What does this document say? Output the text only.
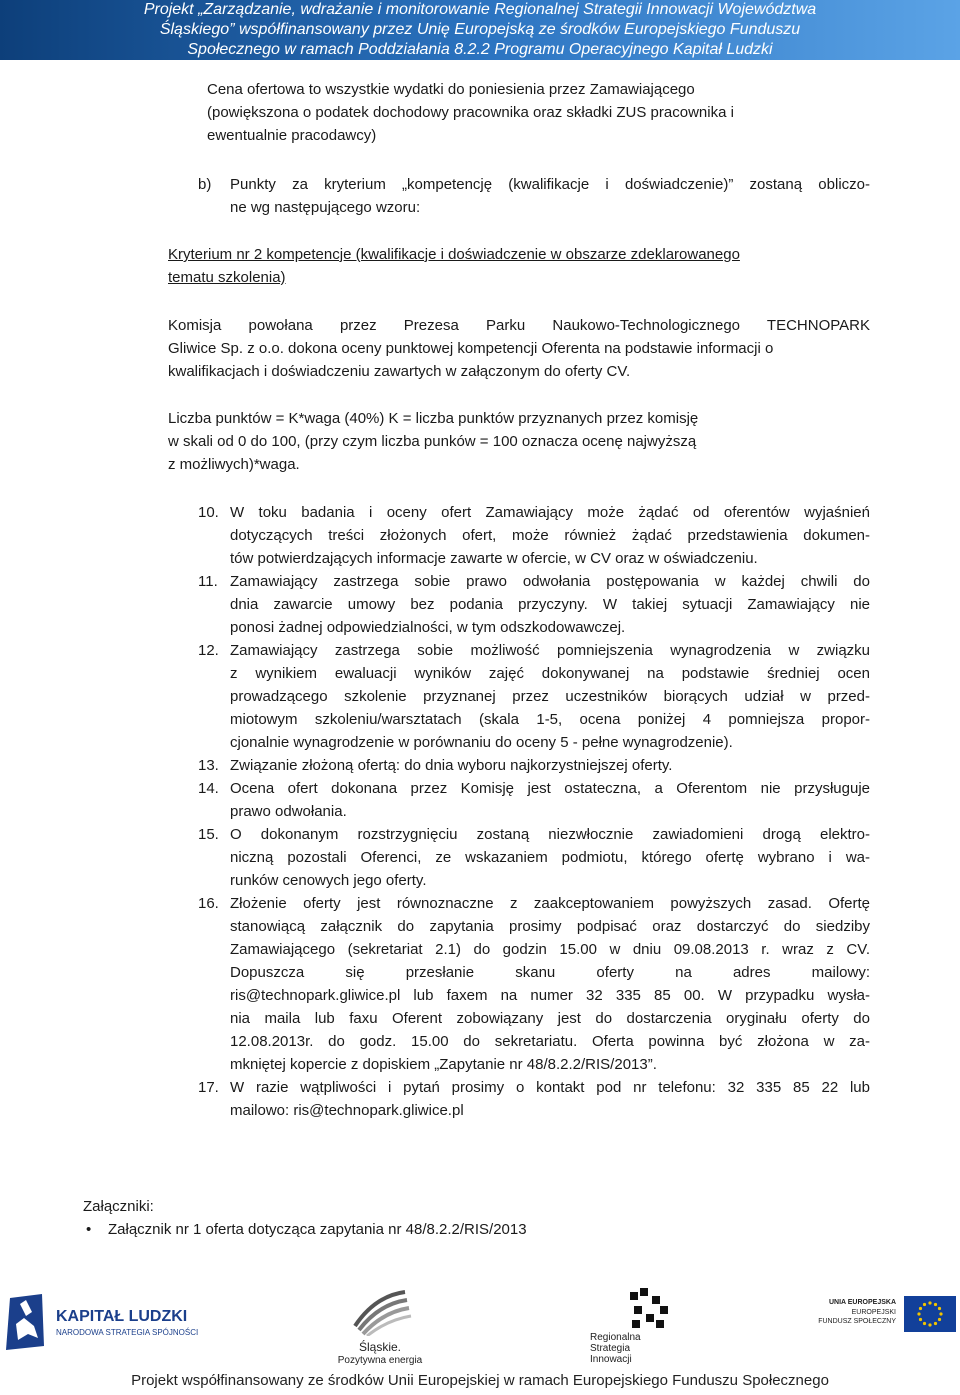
Projekt „Zarządzanie, wdrażanie i monitorowanie Regionalnej Strategii Innowacji Województwa
Śląskiego” współfinansowany przez Unię Europejską ze środków Europejskiego Funduszu
Społecznego w ramach Poddziałania 8.2.2 Programu Operacyjnego Kapitał Ludzki
Cena ofertowa to wszystkie wydatki do poniesienia przez Zamawiającego
(powiększona o podatek dochodowy pracownika oraz składki ZUS pracownika i
ewentualnie pracodawcy)
b) Punkty za kryterium „kompetencję (kwalifikacje i doświadczenie)” zostaną obliczo-
ne wg następującego wzoru:
Kryterium nr 2 kompetencje (kwalifikacje i doświadczenie w obszarze zdeklarowanego
tematu szkolenia)
Komisja powołana przez Prezesa Parku Naukowo-Technologicznego TECHNOPARK
Gliwice Sp. z o.o. dokona oceny punktowej kompetencji Oferenta na podstawie informacji o
kwalifikacjach i doświadczeniu zawartych w załączonym do oferty CV.
Liczba punktów = K*waga (40%) K = liczba punktów przyznanych przez komisję
w skali od 0 do 100, (przy czym liczba punków = 100 oznacza ocenę najwyższą
z możliwych)*waga.
10. W toku badania i oceny ofert Zamawiający może żądać od oferentów wyjaśnień
dotyczących treści złożonych ofert, może również żądać przedstawienia dokumen-
tów potwierdzających informacje zawarte w ofercie, w CV oraz w oświadczeniu.
11. Zamawiający zastrzega sobie prawo odwołania postępowania w każdej chwili do
dnia zawarcie umowy bez podania przyczyny. W takiej sytuacji Zamawiający nie
ponosi żadnej odpowiedzialności, w tym odszkodowawczej.
12. Zamawiający zastrzega sobie możliwość pomniejszenia wynagrodzenia w związku
z wynikiem ewaluacji wyników zajęć dokonywanej na podstawie średniej ocen
prowadzącego szkolenie przyznanej przez uczestników biorących udział w przed-
miotowym szkoleniu/warsztatach (skala 1-5, ocena poniżej 4 pomniejsza propor-
cjonalnie wynagrodzenie w porównaniu do oceny 5 - pełne wynagrodzenie).
13. Związanie złożoną ofertą: do dnia wyboru najkorzystniejszej oferty.
14. Ocena ofert dokonana przez Komisję jest ostateczna, a Oferentom nie przysługuje
prawo odwołania.
15. O dokonanym rozstrzygnięciu zostaną niezwłocznie zawiadomieni drogą elektro-
niczną pozostali Oferenci, ze wskazaniem podmiotu, którego ofertę wybrano i wa-
runków cenowych jego oferty.
16. Złożenie oferty jest równoznaczne z zaakceptowaniem powyższych zasad. Ofertę
stanowiącą załącznik do zapytania prosimy podpisać oraz dostarczyć do siedziby
Zamawiającego (sekretariat 2.1) do godzin 15.00 w dniu 09.08.2013 r. wraz z CV.
Dopuszcza się przesłanie skanu oferty na adres mailowy:
ris@technopark.gliwice.pl lub faxem na numer 32 335 85 00. W przypadku wysła-
nia maila lub faxu Oferent zobowiązany jest do dostarczenia oryginału oferty do
12.08.2013r. do godz. 15.00 do sekretariatu. Oferta powinna być złożona w za-
mkniętej kopercie z dopiskiem „Zapytanie nr 48/8.2.2/RIS/2013”.
17. W razie wątpliwości i pytań prosimy o kontakt pod nr telefonu: 32 335 85 22 lub
mailowo: ris@technopark.gliwice.pl
Załączniki:
• Załącznik nr 1 oferta dotycząca zapytania nr 48/8.2.2/RIS/2013
KAPITAŁ LUDZKI
NARODOWA STRATEGIA SPÓJNOŚCI
Śląskie.
Pozytywna energia
Regionalna
Strategia
Innowacji
UNIA EUROPEJSKA
EUROPEJSKI
FUNDUSZ SPOŁECZNY
Projekt współfinansowany ze środków Unii Europejskiej w ramach Europejskiego Funduszu Społecznego
